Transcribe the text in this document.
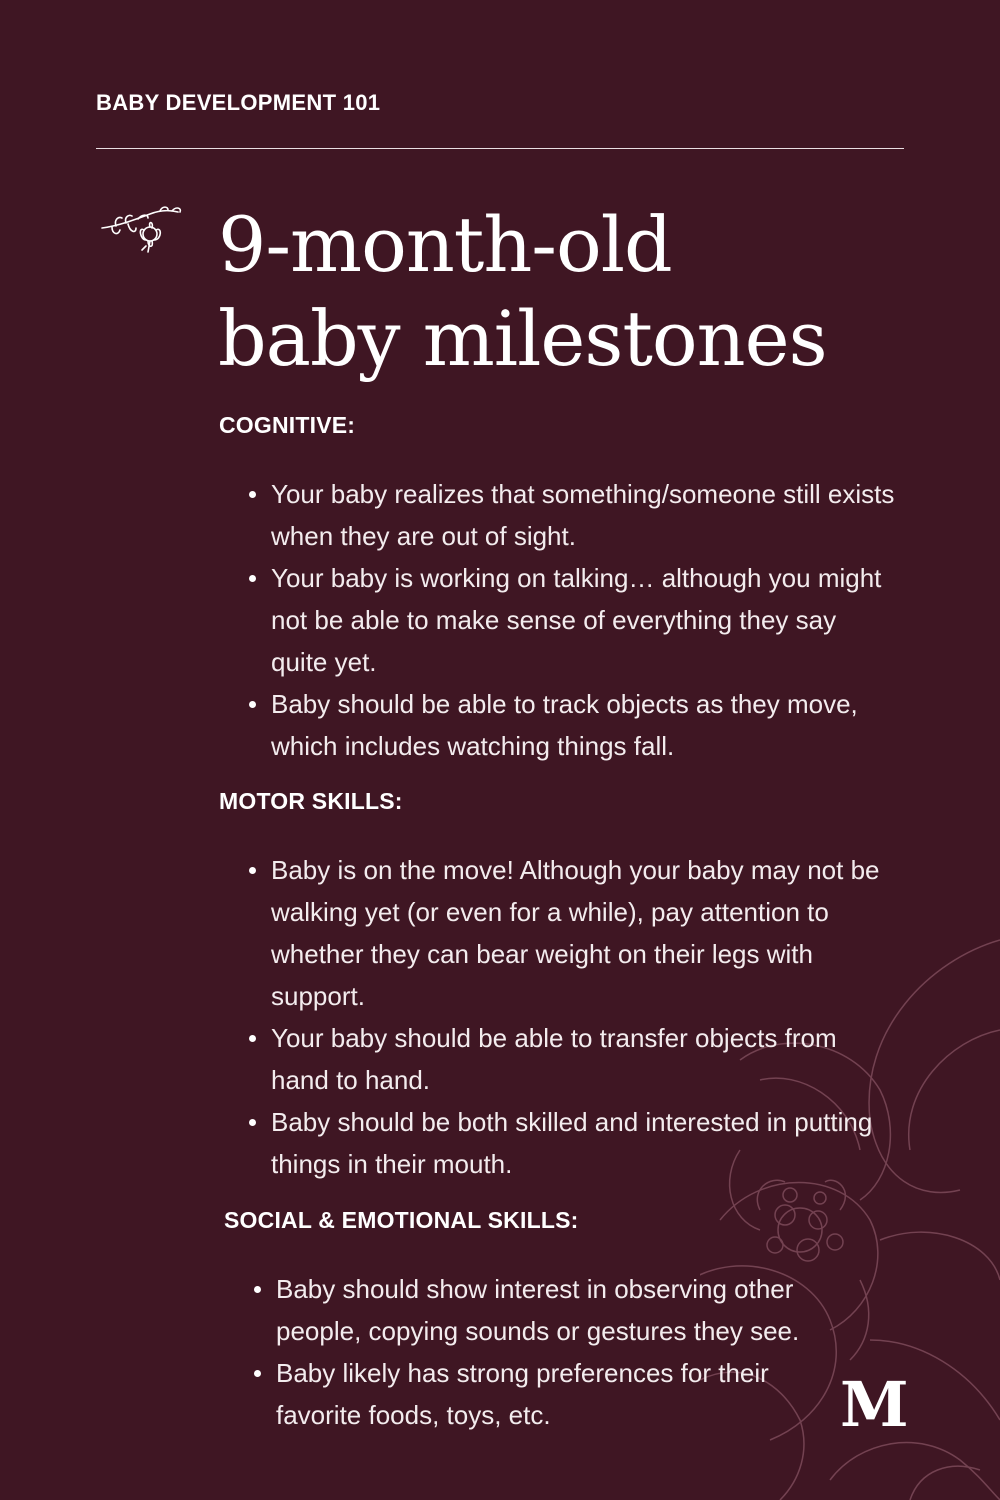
BABY DEVELOPMENT 101
9-month-old
baby milestones
COGNITIVE:
Your baby realizes that something/someone still exists when they are out of sight.
Your baby is working on talking… although you might not be able to make sense of everything they say quite yet.
Baby should be able to track objects as they move, which includes watching things fall.
MOTOR SKILLS:
Baby is on the move! Although your baby may not be walking yet (or even for a while), pay attention to whether they can bear weight on their legs with support.
Your baby should be able to transfer objects from hand to hand.
Baby should be both skilled and interested in putting things in their mouth.
SOCIAL & EMOTIONAL SKILLS:
Baby should show interest in observing other people, copying sounds or gestures they see.
Baby likely has strong preferences for their favorite foods, toys, etc.	M
